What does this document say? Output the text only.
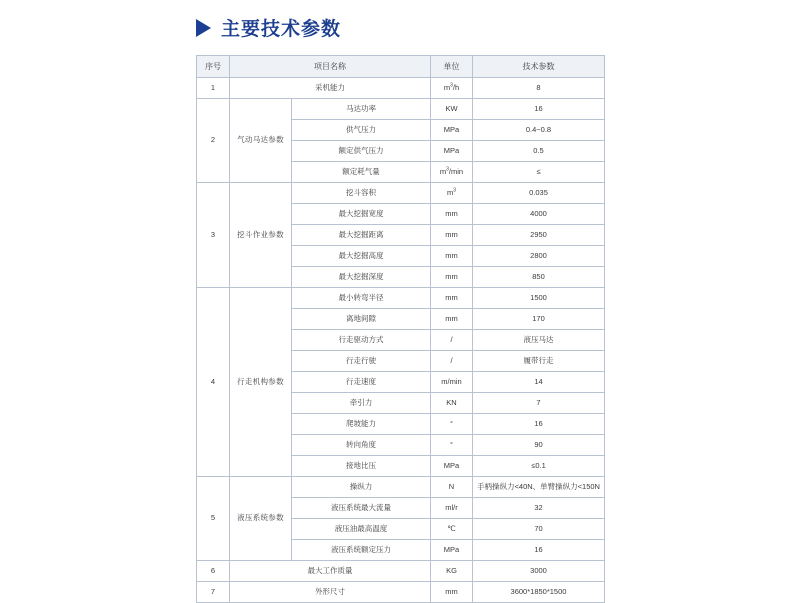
主要技术参数
序号	项目名称		单位	技术参数
1	采机能力		$m^3/h$	8
2	气动马达参数	马达功率	KW	16
		供气压力	MPa	0.4~0.8
		额定供气压力	MPa	0.5
		额定耗气量	$m^3/\min$	≤
3	挖斗作业参数	挖斗容积	$m^3$	0.035
		最大挖掘宽度	mm	4000
		最大挖掘距离	mm	2950
		最大挖掘高度	mm	2800
		最大挖掘深度	mm	850
4	行走机构参数	最小转弯半径	mm	1500
		离地间隙	mm	170
		行走驱动方式	/	液压马达
		行走行驶	/	履带行走
		行走速度	m/min	14
		牵引力	KN	7
		爬坡能力	°	16
		转向角度	°	90
		接地比压	MPa	≤0.1
5	液压系统参数	操纵力	N	手柄操纵力<40N、单臂操纵力<150N
		液压系统最大流量	ml/r	32
		液压油最高温度	℃	70
		液压系统额定压力	MPa	16
6	最大工作质量		KG	3000
7	外形尺寸		mm	3600*1850*1500
